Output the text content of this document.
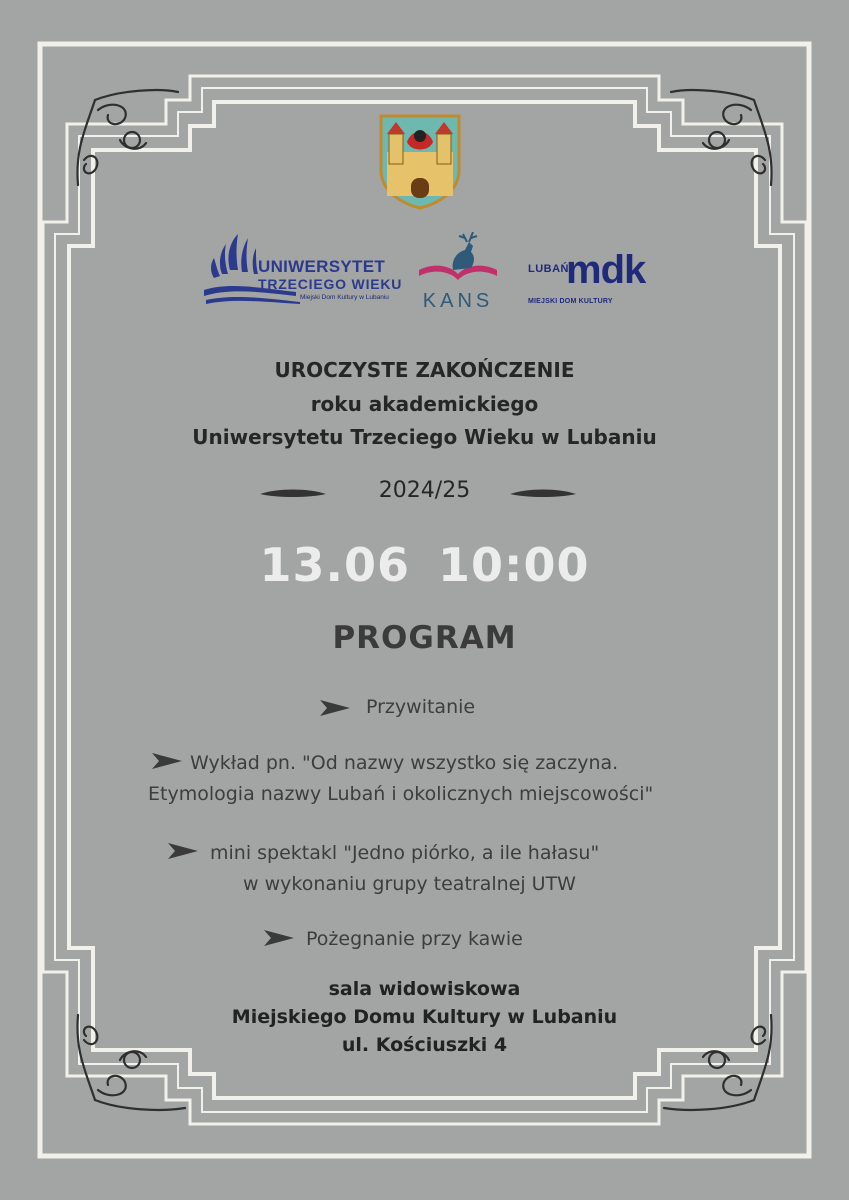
UNIWERSYTET
TRZECIEGO WIEKU
Miejski Dom Kultury w Lubaniu	KANS
LUBAŃ
mdk
MIEJSKI DOM KULTURY
UROCZYSTE ZAKOŃCZENIE
roku akademickiego
Uniwersytetu Trzeciego Wieku w Lubaniu
2024/25
13.06 10:00
PROGRAM
Przywitanie
Wykład pn. "Od nazwy wszystko się zaczyna.
Etymologia nazwy Lubań i okolicznych miejscowości"
mini spektakl "Jedno piórko, a ile hałasu"
w wykonaniu grupy teatralnej UTW
Pożegnanie przy kawie
sala widowiskowa
Miejskiego Domu Kultury w Lubaniu
ul. Kościuszki 4
